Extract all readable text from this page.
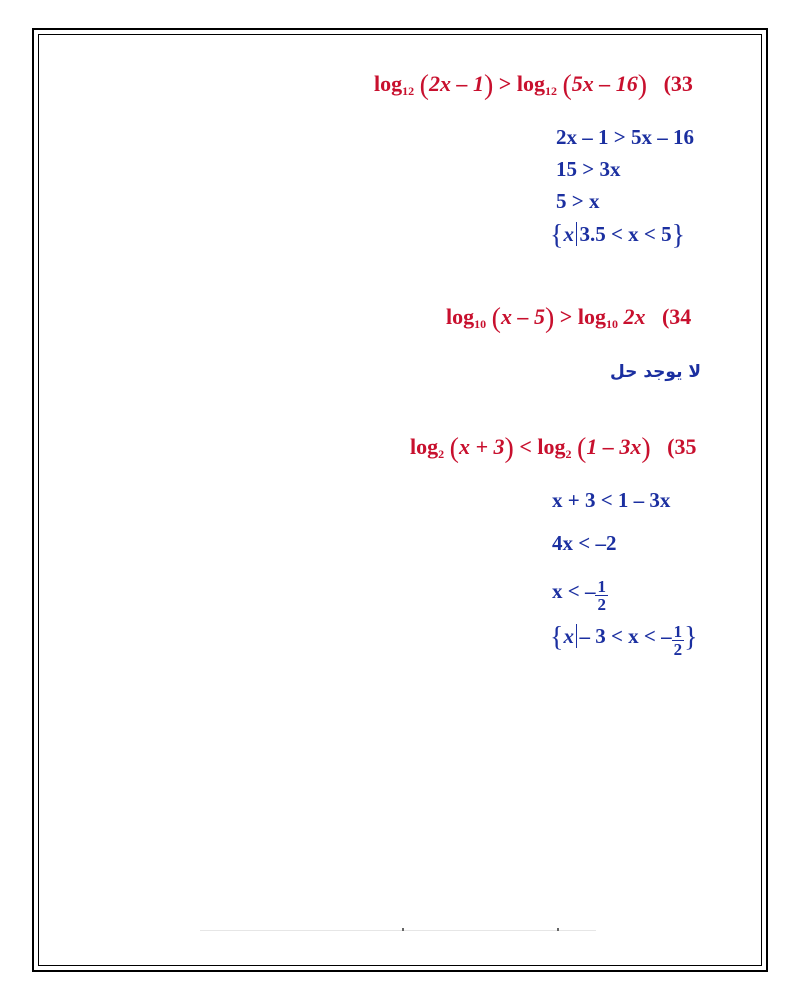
$\log_{12} (2x - 1) > \log_{12} (5x - 16)$ (33
2x – 1 > 5x – 16
15 > 3x
5 > x
{x 3.5 < x < 5}
$\log_{10} (x - 5) > \log_{10} 2x$ (34
لا يوجد حل
$\log_2 (x + 3) < \log_2 (1 - 3x)$ (35
x + 3 < 1 – 3x
4x < –2
x < – $\frac{1}{2}$
{x – 3 < x < – $\frac{1}{2}$ }
